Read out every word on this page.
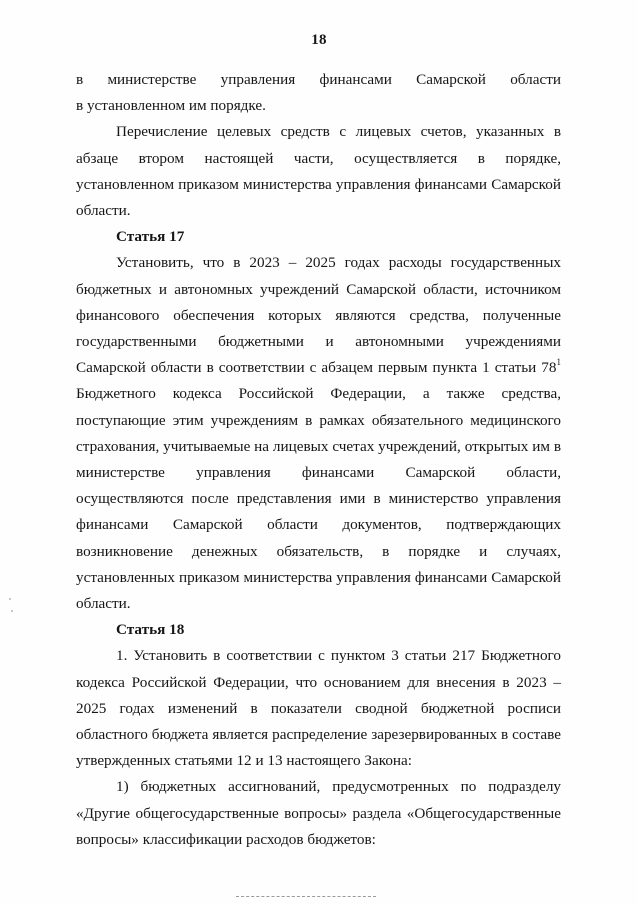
18
в министерстве управления финансами Самарской области

в установленном им порядке.

Перечисление целевых средств с лицевых счетов, указанных в абзаце втором настоящей части, осуществляется в порядке, установленном приказом министерства управления финансами Самарской области.

Статья 17

Установить, что в 2023 – 2025 годах расходы государственных бюджетных и автономных учреждений Самарской области, источником финансового обеспечения которых являются средства, полученные государственными бюджетными и автономными учреждениями Самарской области в соответствии с абзацем первым пункта 1 статьи 78$^1$ Бюджетного кодекса Российской Федерации, а также средства, поступающие этим учреждениям в рамках обязательного медицинского страхования, учитываемые на лицевых счетах учреждений, открытых им в министерстве управления финансами Самарской области, осуществляются после представления ими в министерство управления финансами Самарской области документов, подтверждающих возникновение денежных обязательств, в порядке и случаях, установленных приказом министерства управления финансами Самарской области.

Статья 18

1. Установить в соответствии с пунктом 3 статьи 217 Бюджетного кодекса Российской Федерации, что основанием для внесения в 2023 – 2025 годах изменений в показатели сводной бюджетной росписи областного бюджета является распределение зарезервированных в составе утвержденных статьями 12 и 13 настоящего Закона:

1) бюджетных ассигнований, предусмотренных по подразделу «Другие общегосударственные вопросы» раздела «Общегосударственные вопросы» классификации расходов бюджетов:
